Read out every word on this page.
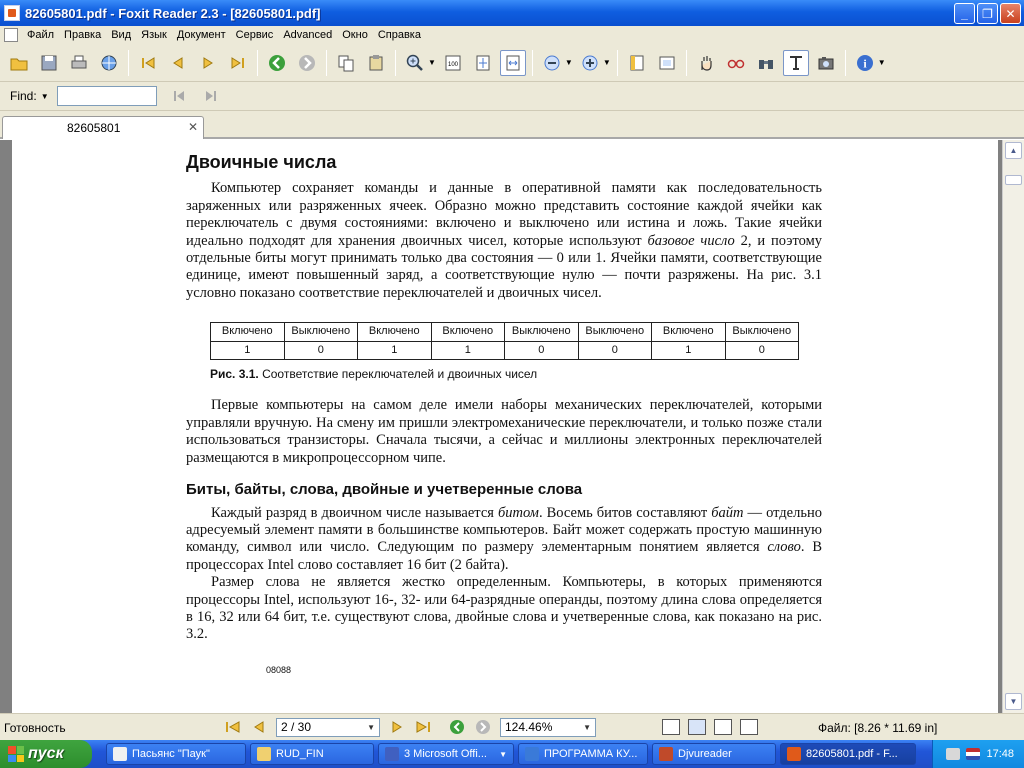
82605801.pdf - Foxit Reader 2.3 - [82605801.pdf]	_	❐	✕
Файл Правка Вид Язык Документ Сервис Advanced Окно Справка
▼ 100	▼	▼	i ▼
Find: ▼
82605801	✕
Двоичные числа

Компьютер сохраняет команды и данные в оперативной памяти как последовательность заряженных или разряженных ячеек. Образно можно представить состояние каждой ячейки как переключатель с двумя состояниями: включено и выключено или истина и ложь. Такие ячейки идеально подходят для хранения двоичных чисел, которые используют базовое число 2, и поэтому отдельные биты могут принимать только два состояния — 0 или 1. Ячейки памяти, соответствующие единице, имеют повышенный заряд, а соответствующие нулю — почти разряжены. На рис. 3.1 условно показано соответствие переключателей и двоичных чисел.

Включено	Выключено	Включено	Включено	Выключено	Выключено	Включено	Выключено
1	0	1	1	0	0	1	0
Рис. 3.1. Соответствие переключателей и двоичных чисел

Первые компьютеры на самом деле имели наборы механических переключателей, которыми управляли вручную. На смену им пришли электромеханические переключатели, и только позже стали использоваться транзисторы. Сначала тысячи, а сейчас и миллионы электронных переключателей размещаются в микропроцессорном чипе.

Биты, байты, слова, двойные и учетверенные слова

Каждый разряд в двоичном числе называется битом. Восемь битов составляют байт — отдельно адресуемый элемент памяти в большинстве компьютеров. Байт может содержать простую машинную команду, символ или число. Следующим по размеру элементарным понятием является слово. В процессорах Intel слово составляет 16 бит (2 байта).

Размер слова не является жестко определенным. Компьютеры, в которых применяются процессоры Intel, используют 16-, 32- или 64-разрядные операнды, поэтому длина слова определяется в 16, 32 или 64 бит, т.е. существуют слова, двойные слова и учетверенные слова, как показано на рис. 3.2.

08088
▲
▼
Готовность	2 / 30	▼	124.46%	▼	Файл: [8.26 * 11.69 in]
пуск	Пасьянс "Паук"	RUD_FIN	3 Microsoft Offi... ▼	ПРОГРАММА КУ...	Djvureader	82605801.pdf - F...	17:48
